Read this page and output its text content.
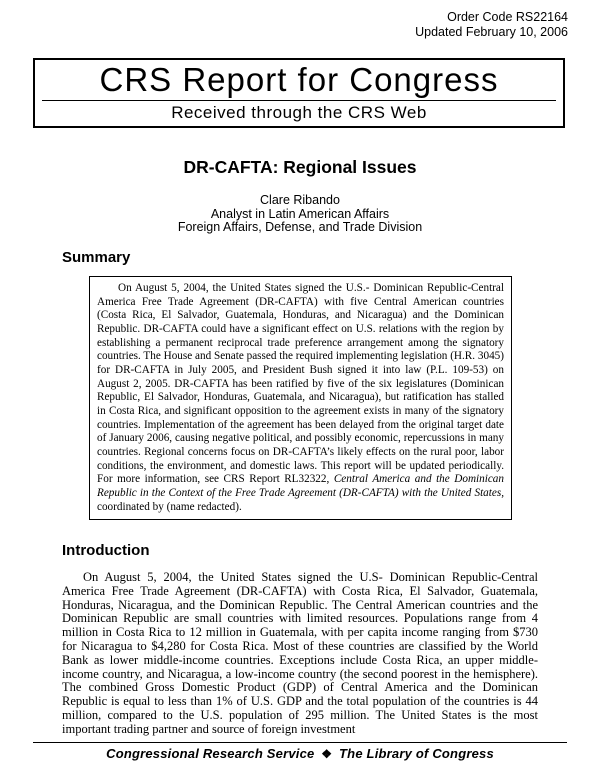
Order Code RS22164
Updated February 10, 2006
CRS Report for Congress
Received through the CRS Web
DR-CAFTA: Regional Issues
Clare Ribando
Analyst in Latin American Affairs
Foreign Affairs, Defense, and Trade Division
Summary

On August 5, 2004, the United States signed the U.S.- Dominican Republic-Central America Free Trade Agreement (DR-CAFTA) with five Central American countries (Costa Rica, El Salvador, Guatemala, Honduras, and Nicaragua) and the Dominican Republic. DR-CAFTA could have a significant effect on U.S. relations with the region by establishing a permanent reciprocal trade preference arrangement among the signatory countries. The House and Senate passed the required implementing legislation (H.R. 3045) for DR-CAFTA in July 2005, and President Bush signed it into law (P.L. 109-53) on August 2, 2005. DR-CAFTA has been ratified by five of the six legislatures (Dominican Republic, El Salvador, Honduras, Guatemala, and Nicaragua), but ratification has stalled in Costa Rica, and significant opposition to the agreement exists in many of the signatory countries. Implementation of the agreement has been delayed from the original target date of January 2006, causing negative political, and possibly economic, repercussions in many countries. Regional concerns focus on DR-CAFTA’s likely effects on the rural poor, labor conditions, the environment, and domestic laws. This report will be updated periodically. For more information, see CRS Report RL32322, Central America and the Dominican Republic in the Context of the Free Trade Agreement (DR-CAFTA) with the United States, coordinated by (name redacted).

Introduction

On August 5, 2004, the United States signed the U.S- Dominican Republic-Central America Free Trade Agreement (DR-CAFTA) with Costa Rica, El Salvador, Guatemala, Honduras, Nicaragua, and the Dominican Republic. The Central American countries and the Dominican Republic are small countries with limited resources. Populations range from 4 million in Costa Rica to 12 million in Guatemala, with per capita income ranging from $730 for Nicaragua to $4,280 for Costa Rica. Most of these countries are classified by the World Bank as lower middle-income countries. Exceptions include Costa Rica, an upper middle-income country, and Nicaragua, a low-income country (the second poorest in the hemisphere). The combined Gross Domestic Product (GDP) of Central America and the Dominican Republic is equal to less than 1% of U.S. GDP and the total population of the countries is 44 million, compared to the U.S. population of 295 million. The United States is the most important trading partner and source of foreign investment

Congressional Research Service ❖ The Library of Congress
